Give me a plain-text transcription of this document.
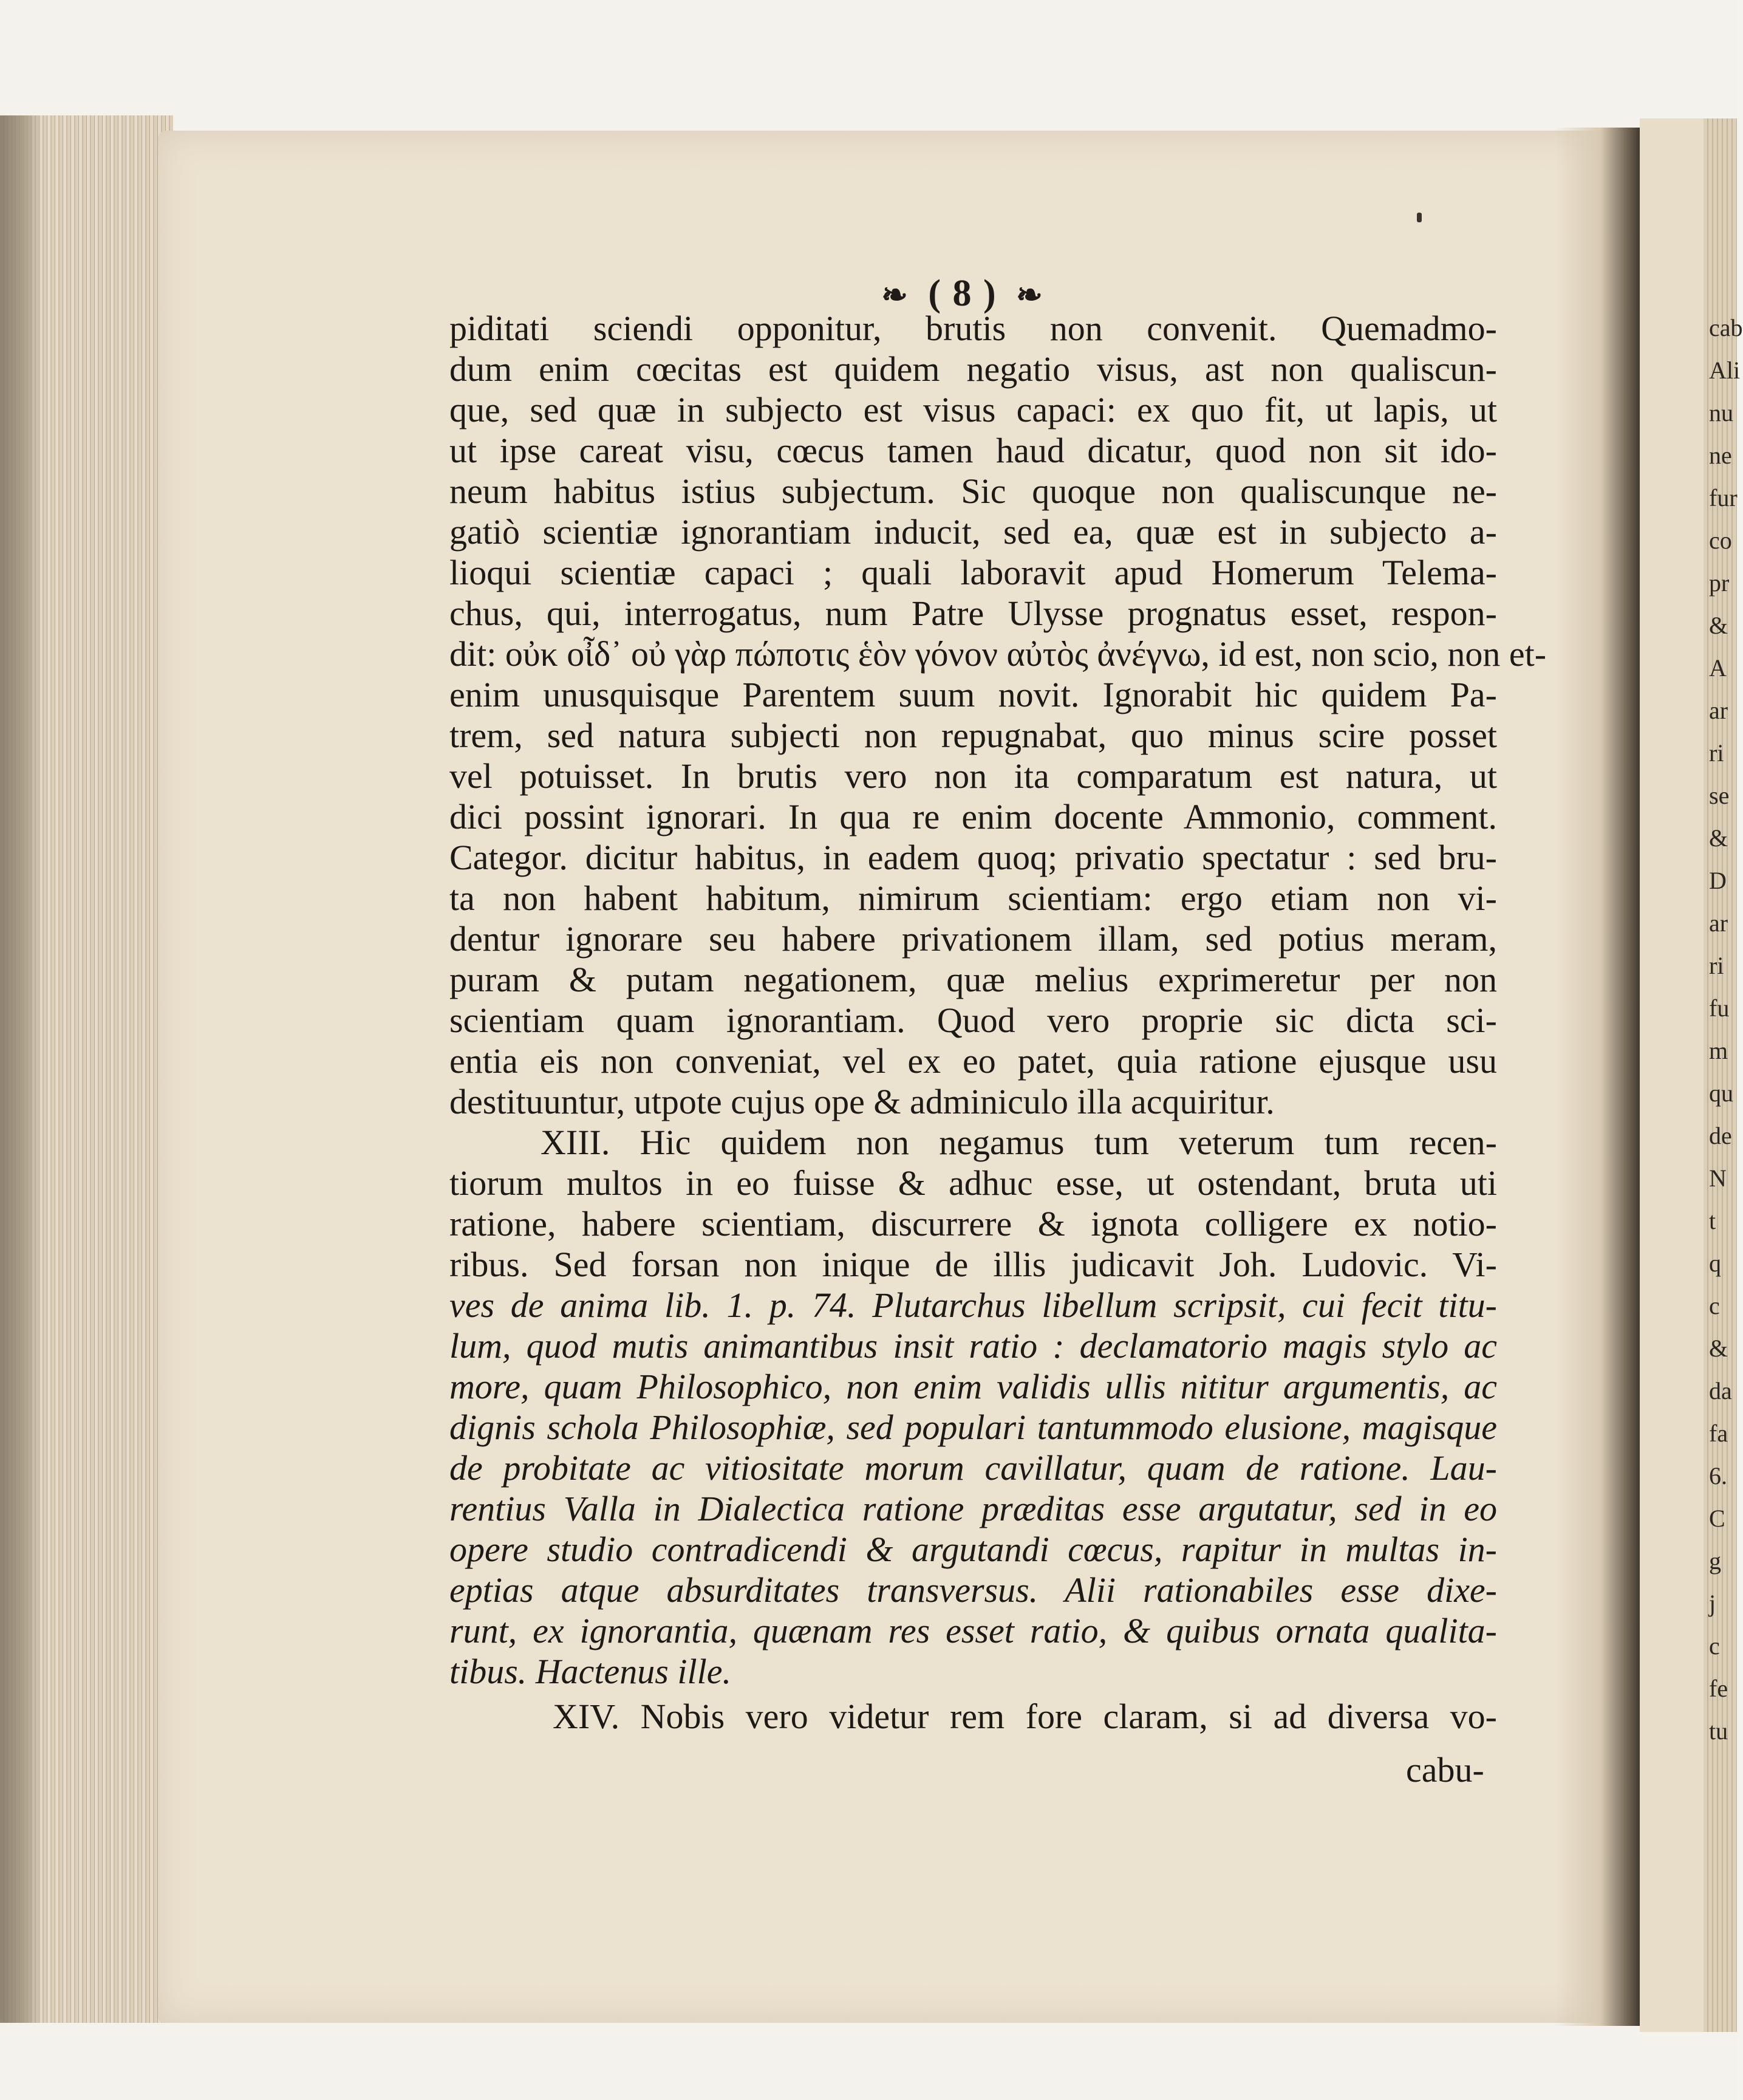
❧ ( 8 ) ❧
piditati sciendi opponitur, brutis non convenit. Quemadmo-
dum enim cœcitas est quidem negatio visus, ast non qualiscun-
que, sed quæ in subjecto est visus capaci: ex quo fit, ut lapis, ut
ut ipse careat visu, cœcus tamen haud dicatur, quod non sit ido-
neum habitus istius subjectum. Sic quoque non qualiscunque ne-
gatiò scientiæ ignorantiam inducit, sed ea, quæ est in subjecto a-
lioqui scientiæ capaci ; quali laboravit apud Homerum Telema-
chus, qui, interrogatus, num Patre Ulysse prognatus esset, respon-
dit: οὐκ οἶδ᾽ οὐ γὰρ πώποτις ἑὸν γόνον αὐτὸς ἀνέγνω, id est, non scio, non et-
enim unusquisque Parentem suum novit. Ignorabit hic quidem Pa-
trem, sed natura subjecti non repugnabat, quo minus scire posset
vel potuisset. In brutis vero non ita comparatum est natura, ut
dici possint ignorari. In qua re enim docente Ammonio, comment.
Categor. dicitur habitus, in eadem quoq; privatio spectatur : sed bru-
ta non habent habitum, nimirum scientiam: ergo etiam non vi-
dentur ignorare seu habere privationem illam, sed potius meram,
puram & putam negationem, quæ melius exprimeretur per non
scientiam quam ignorantiam. Quod vero proprie sic dicta sci-
entia eis non conveniat, vel ex eo patet, quia ratione ejusque usu
destituuntur, utpote cujus ope & adminiculo illa acquiritur.
XIII. Hic quidem non negamus tum veterum tum recen-
tiorum multos in eo fuisse & adhuc esse, ut ostendant, bruta uti
ratione, habere scientiam, discurrere & ignota colligere ex notio-
ribus. Sed forsan non inique de illis judicavit Joh. Ludovic. Vi-
ves de anima lib. 1. p. 74. Plutarchus libellum scripsit, cui fecit titu-
lum, quod mutis animantibus insit ratio : declamatorio magis stylo ac
more, quam Philosophico, non enim validis ullis nititur argumentis, ac
dignis schola Philosophiæ, sed populari tantummodo elusione, magisque
de probitate ac vitiositate morum cavillatur, quam de ratione. Lau-
rentius Valla in Dialectica ratione præditas esse argutatur, sed in eo
opere studio contradicendi & argutandi cœcus, rapitur in multas in-
eptias atque absurditates transversus. Alii rationabiles esse dixe-
runt, ex ignorantia, quænam res esset ratio, & quibus ornata qualita-
tibus. Hactenus ille.
XIV. Nobis vero videtur rem fore claram, si ad diversa vo-
cabu-
cab
Ali
nu
ne
fur
co
pr
&
A
ar
ri
se
&
D
ar
ri
fu
m
qu
de
N
t
q
c
&
da
fa
6.
C
g
j
c
fe
tu
